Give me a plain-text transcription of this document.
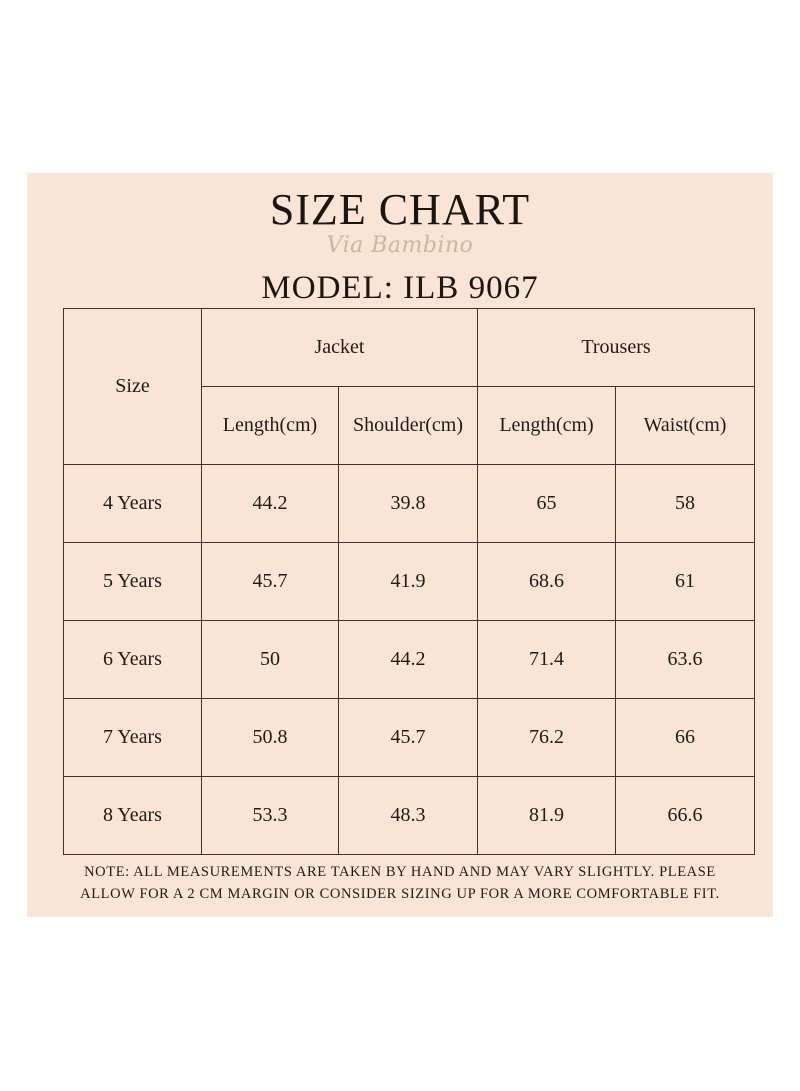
SIZE CHART
Via Bambino
MODEL: ILB 9067
Size	Jacket		Trousers	
	Length(cm)	Shoulder(cm)	Length(cm)	Waist(cm)
4 Years	44.2	39.8	65	58
5 Years	45.7	41.9	68.6	61
6 Years	50	44.2	71.4	63.6
7 Years	50.8	45.7	76.2	66
8 Years	53.3	48.3	81.9	66.6
NOTE: ALL MEASUREMENTS ARE TAKEN BY HAND AND MAY VARY SLIGHTLY. PLEASE
ALLOW FOR A 2 CM MARGIN OR CONSIDER SIZING UP FOR A MORE COMFORTABLE FIT.
